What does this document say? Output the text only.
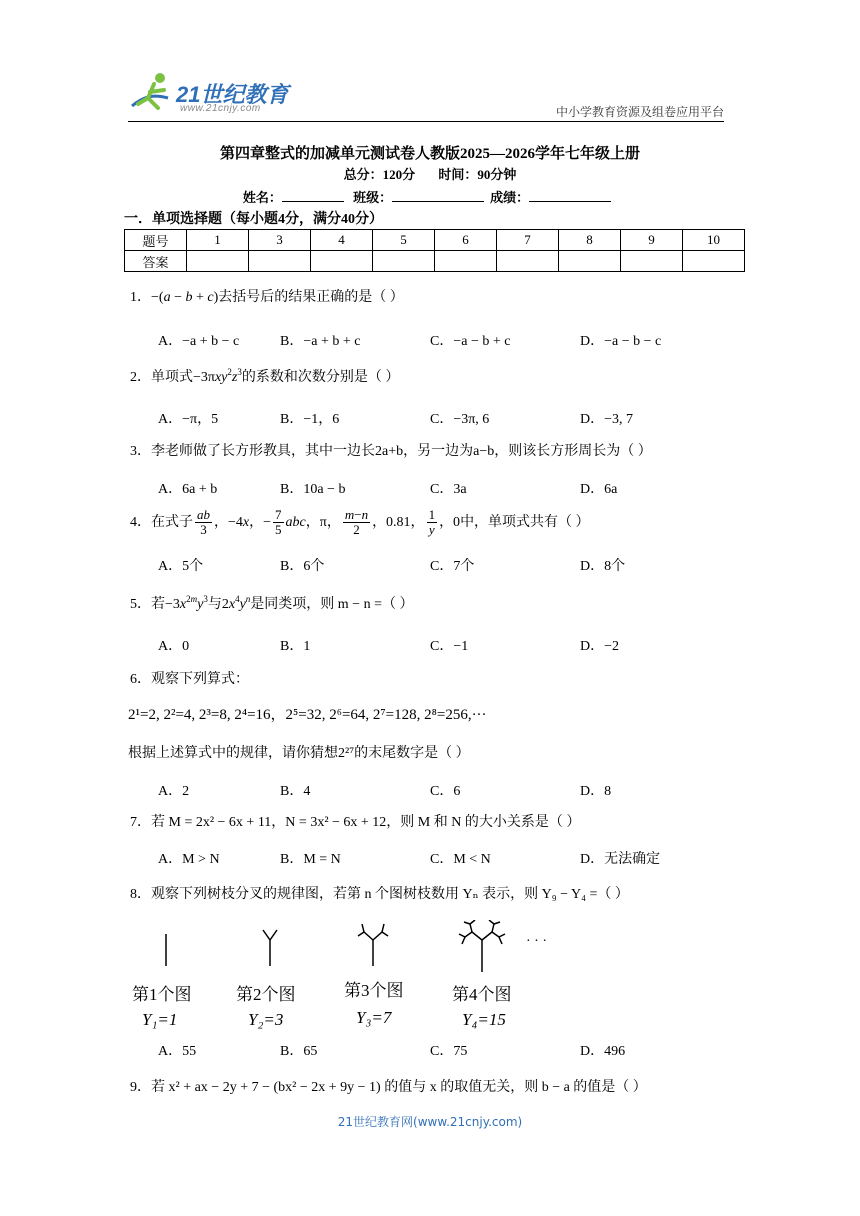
21世纪教育
www.21cnjy.com	中小学教育资源及组卷应用平台
第四章整式的加减单元测试卷人教版2025—2026学年七年级上册
总分：120分 时间：90分钟
姓名：	班级：	成绩：
一．单项选择题（每小题4分，满分40分）
题号	1	3	4	5	6	7	8	9	10
答案									
1．−(a − b + c)去括号后的结果正确的是（ ）
A．−a + b − c	B．−a + b + c	C．−a − b + c	D．−a − b − c
2．单项式$-3\pi xy^2z^3$的系数和次数分别是（ ）
A．−π，5	B．−1，6	C．−3π, 6	D．−3, 7
3．李老师做了长方形教具，其中一边长2a+b，另一边为a−b，则该长方形周长为（ ）
A．6a + b	B．10a − b	C．3a	D．6a
4．在式子 $\frac{ab}{3}$ ，−4x，− $\frac{7}{5}$ abc，π， $\frac{m-n}{2}$ ，0.81， $\frac{1}{y}$ ，0中，单项式共有（ ）
A．5个	B．6个	C．7个	D．8个
5．若$-3x^{2m}y^3$与$2x^4y^n$是同类项，则 m − n =（ ）
A．0	B．1	C．−1	D．−2
6．观察下列算式：
2¹=2, 2²=4, 2³=8, 2⁴=16，2⁵=32, 2⁶=64, 2⁷=128, 2⁸=256,···
根据上述算式中的规律，请你猜想2²⁷的末尾数字是（ ）
A．2	B．4	C．6	D．8
7．若 M = 2x² − 6x + 11，N = 3x² − 6x + 12，则 M 和 N 的大小关系是（ ）
A．M > N	B．M = N	C．M < N	D．无法确定
8．观察下列树枝分叉的规律图，若第 n 个图树枝数用 Yₙ 表示，则 Y₉ − Y₄ =（ ）
· · ·
第1个图	第2个图	第3个图	第4个图
Y₁=1	Y₂=3	Y₃=7	Y₄=15
A．55	B．65	C．75	D．496
9．若 x² + ax − 2y + 7 − (bx² − 2x + 9y − 1) 的值与 x 的取值无关，则 b − a 的值是（ ）
21世纪教育网(www.21cnjy.com)
